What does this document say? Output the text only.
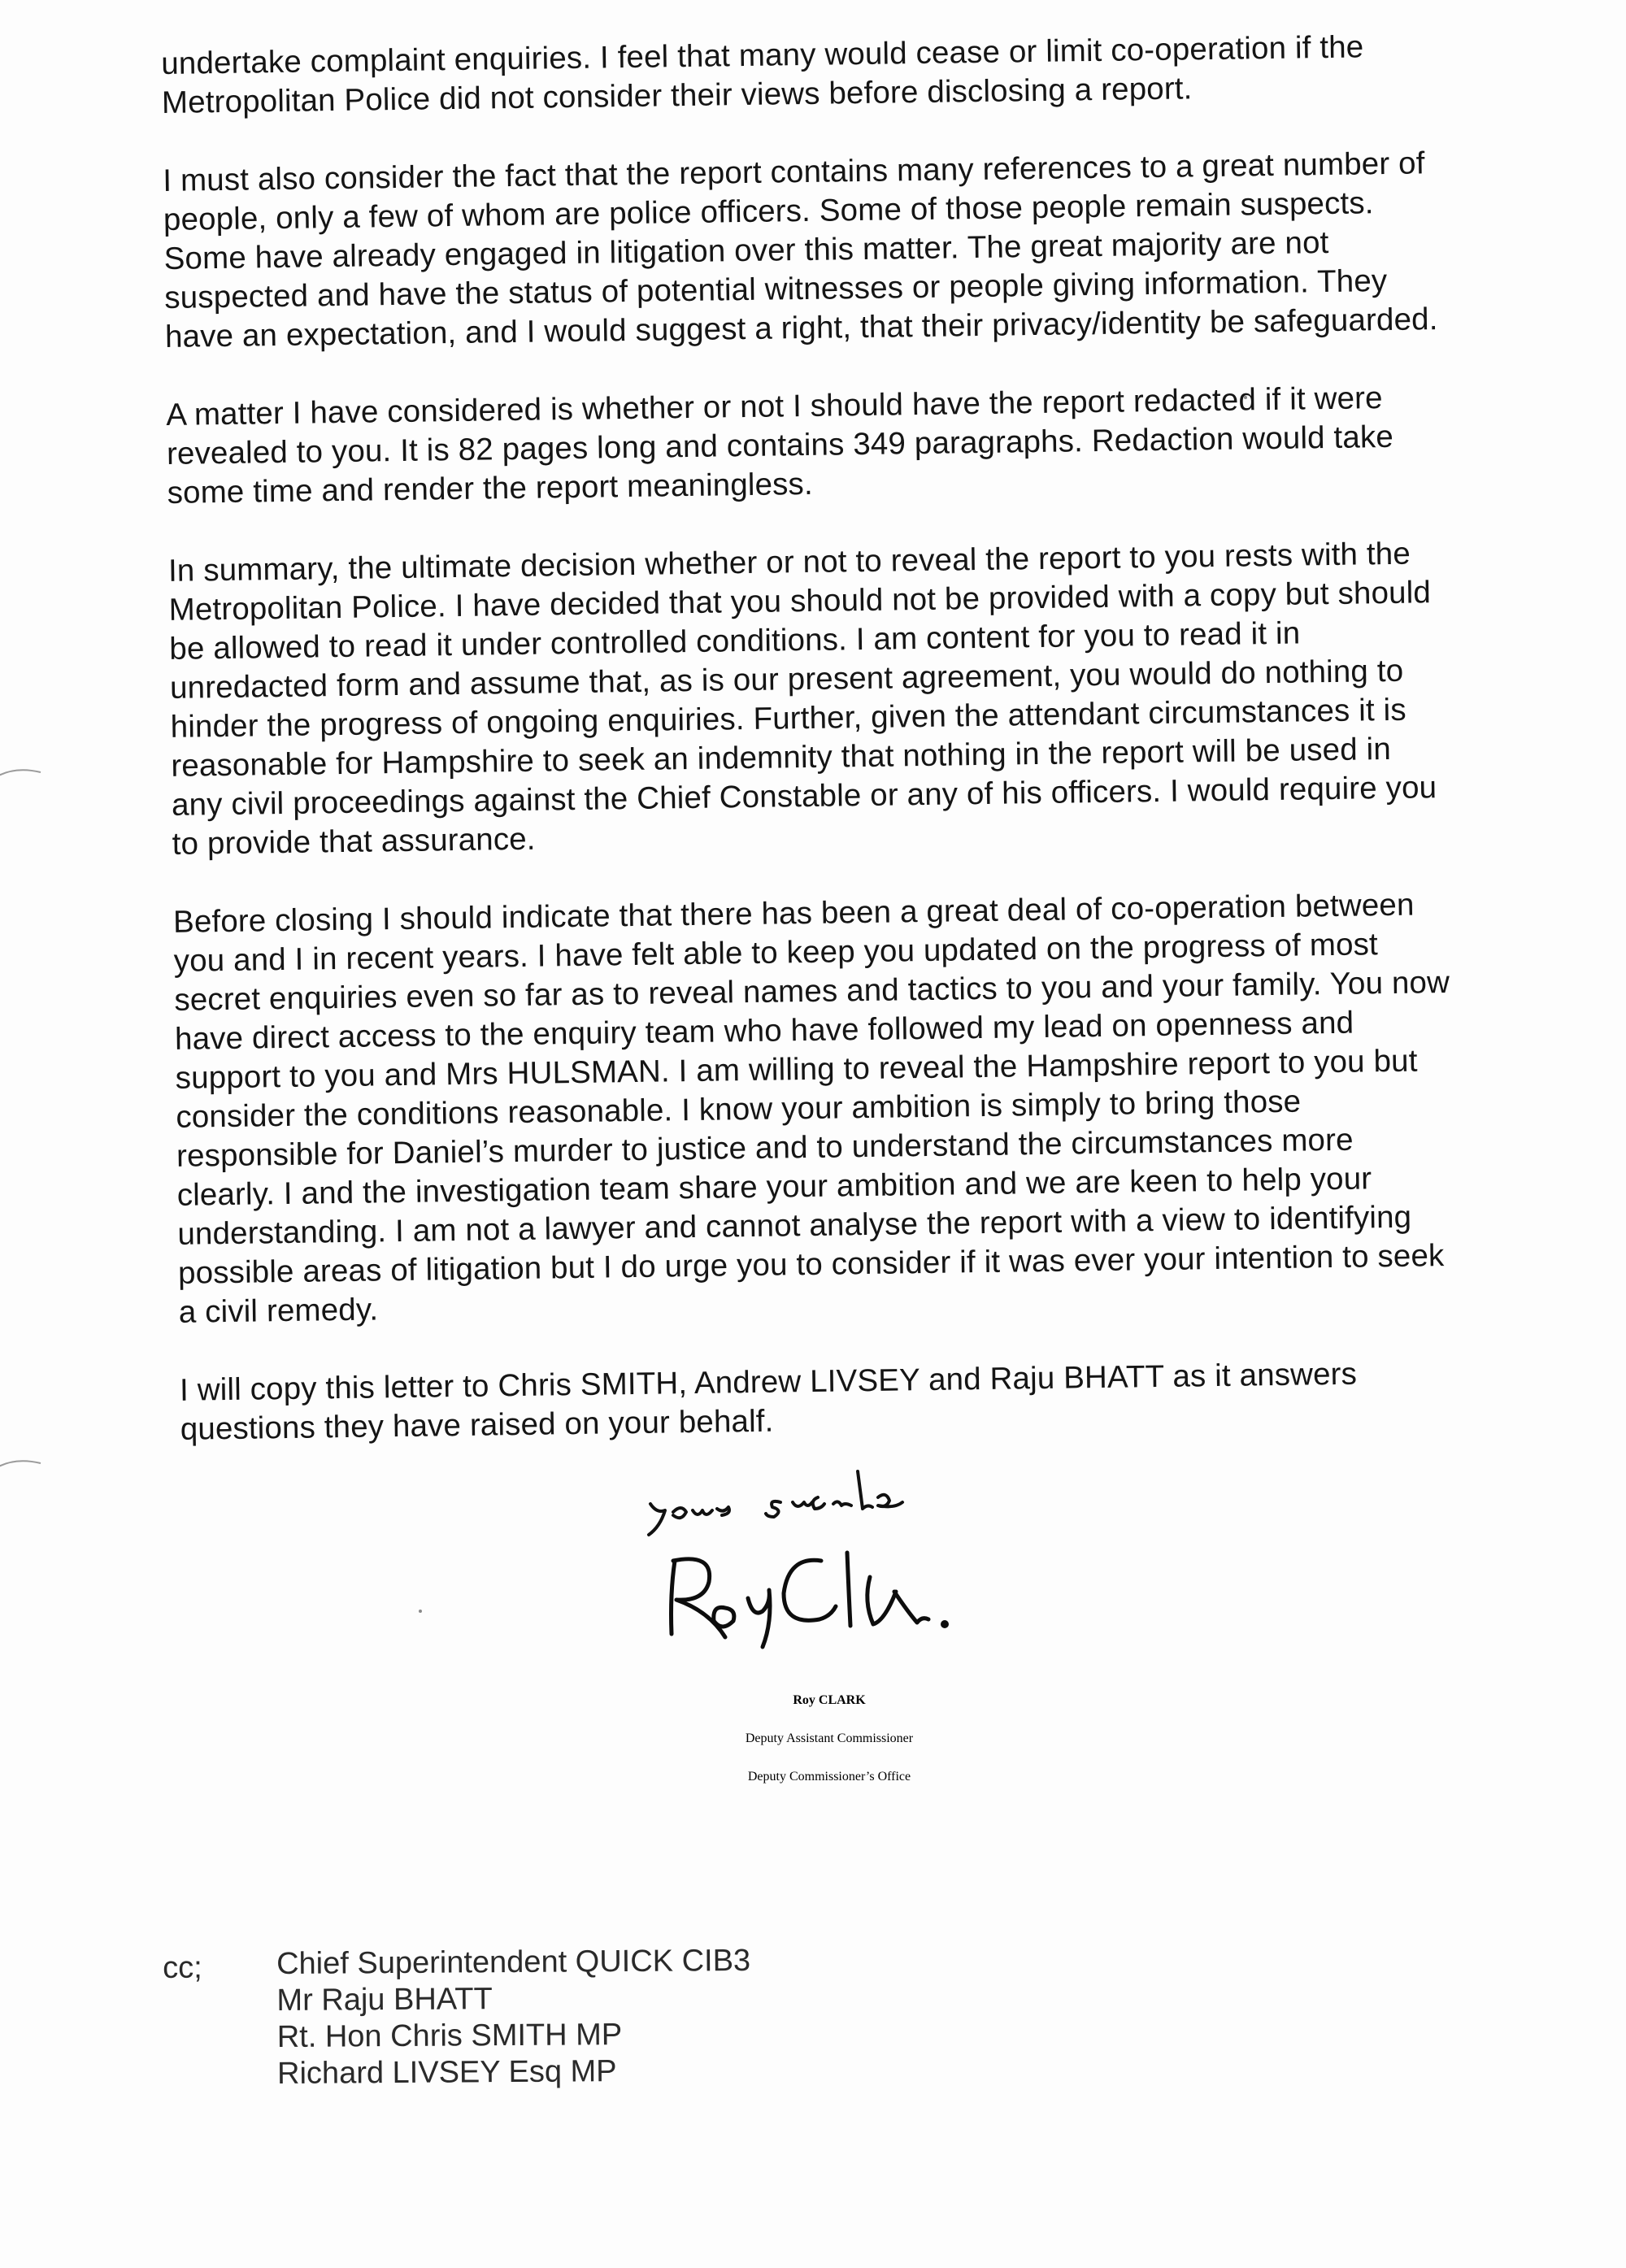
undertake complaint enquiries. I feel that many would cease or limit co-operation if the Metropolitan Police did not consider their views before disclosing a report.

I must also consider the fact that the report contains many references to a great number of people, only a few of whom are police officers. Some of those people remain suspects. Some have already engaged in litigation over this matter. The great majority are not suspected and have the status of potential witnesses or people giving information. They have an expectation, and I would suggest a right, that their privacy/identity be safeguarded.

A matter I have considered is whether or not I should have the report redacted if it were revealed to you. It is 82 pages long and contains 349 paragraphs. Redaction would take some time and render the report meaningless.

In summary, the ultimate decision whether or not to reveal the report to you rests with the Metropolitan Police. I have decided that you should not be provided with a copy but should be allowed to read it under controlled conditions. I am content for you to read it in unredacted form and assume that, as is our present agreement, you would do nothing to hinder the progress of ongoing enquiries. Further, given the attendant circumstances it is reasonable for Hampshire to seek an indemnity that nothing in the report will be used in any civil proceedings against the Chief Constable or any of his officers. I would require you to provide that assurance.

Before closing I should indicate that there has been a great deal of co-operation between you and I in recent years. I have felt able to keep you updated on the progress of most secret enquiries even so far as to reveal names and tactics to you and your family. You now have direct access to the enquiry team who have followed my lead on openness and support to you and Mrs HULSMAN. I am willing to reveal the Hampshire report to you but consider the conditions reasonable. I know your ambition is simply to bring those responsible for Daniel’s murder to justice and to understand the circumstances more clearly. I and the investigation team share your ambition and we are keen to help your understanding. I am not a lawyer and cannot analyse the report with a view to identifying possible areas of litigation but I do urge you to consider if it was ever your intention to seek a civil remedy.

I will copy this letter to Chris SMITH, Andrew LIVSEY and Raju BHATT as it answers questions they have raised on your behalf.

Roy CLARK
Deputy Assistant Commissioner
Deputy Commissioner’s Office
cc; Chief Superintendent QUICK CIB3
Mr Raju BHATT
Rt. Hon Chris SMITH MP
Richard LIVSEY Esq MP
